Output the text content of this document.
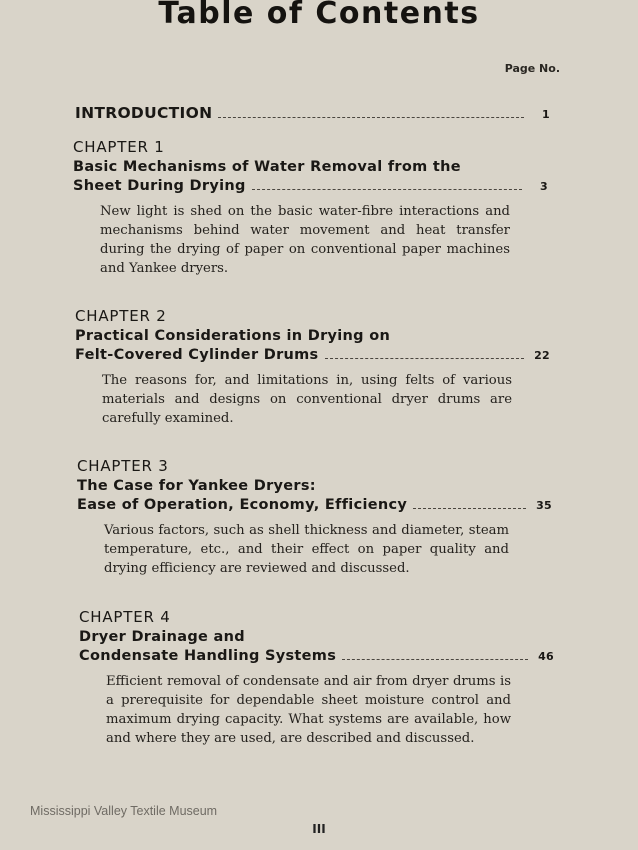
Table of Contents
Page No.
INTRODUCTION	1
CHAPTER 1
Basic Mechanisms of Water Removal from the
Sheet During Drying	3
New light is shed on the basic water-fibre interactions and mechanisms behind water movement and heat transfer during the drying of paper on conventional paper machines and Yankee dryers.
CHAPTER 2
Practical Considerations in Drying on
Felt-Covered Cylinder Drums	22
The reasons for, and limitations in, using felts of various materials and designs on conventional dryer drums are carefully examined.
CHAPTER 3
The Case for Yankee Dryers:
Ease of Operation, Economy, Efficiency	35
Various factors, such as shell thickness and diameter, steam temperature, etc., and their effect on paper quality and drying efficiency are reviewed and discussed.
CHAPTER 4
Dryer Drainage and
Condensate Handling Systems	46
Efficient removal of condensate and air from dryer drums is a prerequisite for dependable sheet moisture control and maximum drying capacity. What systems are available, how and where they are used, are described and discussed.
Mississippi Valley Textile Museum
III
